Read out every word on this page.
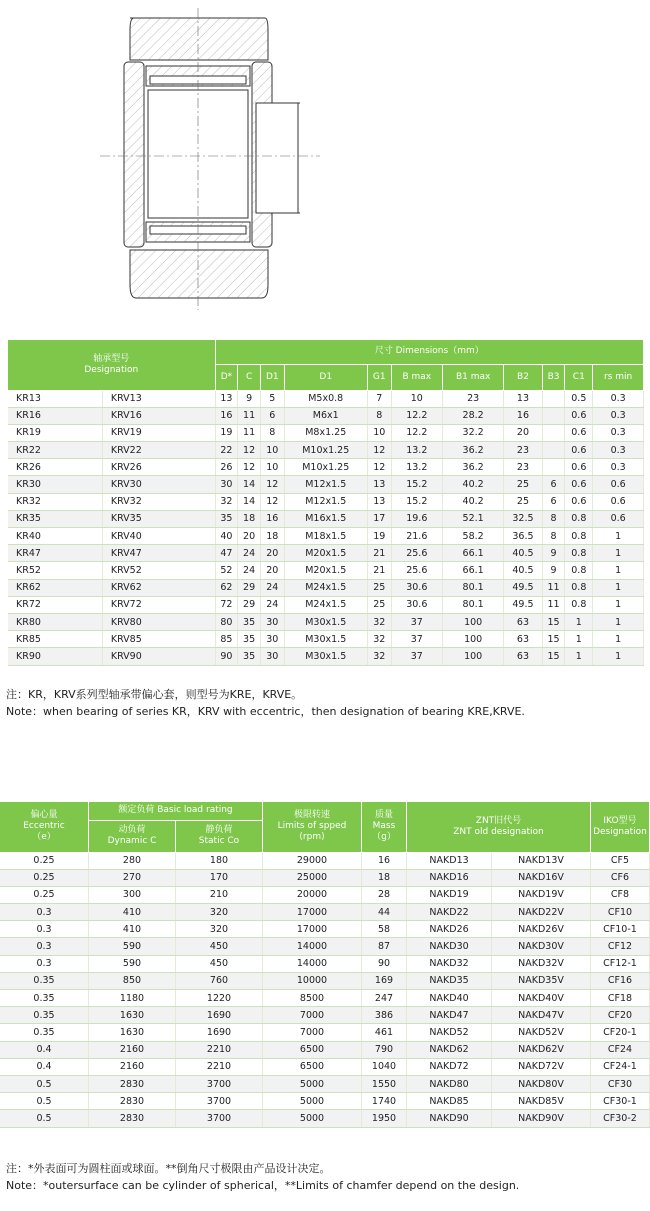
轴承型号
Designation		尺寸 Dimensions（mm）										
		D*	C	D1	D1	G1	B max	B1 max	B2	B3	C1	rs min
KR13	KRV13	13	9	5	M5x0.8	7	10	23	13		0.5	0.3
KR16	KRV16	16	11	6	M6x1	8	12.2	28.2	16		0.6	0.3
KR19	KRV19	19	11	8	M8x1.25	10	12.2	32.2	20		0.6	0.3
KR22	KRV22	22	12	10	M10x1.25	12	13.2	36.2	23		0.6	0.3
KR26	KRV26	26	12	10	M10x1.25	12	13.2	36.2	23		0.6	0.3
KR30	KRV30	30	14	12	M12x1.5	13	15.2	40.2	25	6	0.6	0.6
KR32	KRV32	32	14	12	M12x1.5	13	15.2	40.2	25	6	0.6	0.6
KR35	KRV35	35	18	16	M16x1.5	17	19.6	52.1	32.5	8	0.8	0.6
KR40	KRV40	40	20	18	M18x1.5	19	21.6	58.2	36.5	8	0.8	1
KR47	KRV47	47	24	20	M20x1.5	21	25.6	66.1	40.5	9	0.8	1
KR52	KRV52	52	24	20	M20x1.5	21	25.6	66.1	40.5	9	0.8	1
KR62	KRV62	62	29	24	M24x1.5	25	30.6	80.1	49.5	11	0.8	1
KR72	KRV72	72	29	24	M24x1.5	25	30.6	80.1	49.5	11	0.8	1
KR80	KRV80	80	35	30	M30x1.5	32	37	100	63	15	1	1
KR85	KRV85	85	35	30	M30x1.5	32	37	100	63	15	1	1
KR90	KRV90	90	35	30	M30x1.5	32	37	100	63	15	1	1
注：KR，KRV系列型轴承带偏心套，则型号为KRE，KRVE。
Note：when bearing of series KR，KRV with eccentric，then designation of bearing KRE,KRVE.
偏心量
Eccentric
（e）	额定负荷 Basic load rating		极限转速
Limits of spped
(rpm)	质量
Mass
（g）	ZNT旧代号
ZNT old designation		IKO型号
Designation
	动负荷
Dynamic C	静负荷
Static Co					
0.25	280	180	29000	16	NAKD13	NAKD13V	CF5
0.25	270	170	25000	18	NAKD16	NAKD16V	CF6
0.25	300	210	20000	28	NAKD19	NAKD19V	CF8
0.3	410	320	17000	44	NAKD22	NAKD22V	CF10
0.3	410	320	17000	58	NAKD26	NAKD26V	CF10-1
0.3	590	450	14000	87	NAKD30	NAKD30V	CF12
0.3	590	450	14000	90	NAKD32	NAKD32V	CF12-1
0.35	850	760	10000	169	NAKD35	NAKD35V	CF16
0.35	1180	1220	8500	247	NAKD40	NAKD40V	CF18
0.35	1630	1690	7000	386	NAKD47	NAKD47V	CF20
0.35	1630	1690	7000	461	NAKD52	NAKD52V	CF20-1
0.4	2160	2210	6500	790	NAKD62	NAKD62V	CF24
0.4	2160	2210	6500	1040	NAKD72	NAKD72V	CF24-1
0.5	2830	3700	5000	1550	NAKD80	NAKD80V	CF30
0.5	2830	3700	5000	1740	NAKD85	NAKD85V	CF30-1
0.5	2830	3700	5000	1950	NAKD90	NAKD90V	CF30-2
注：*外表面可为圆柱面或球面。**倒角尺寸极限由产品设计决定。
Note：*outersurface can be cylinder of spherical，**Limits of chamfer depend on the design.
